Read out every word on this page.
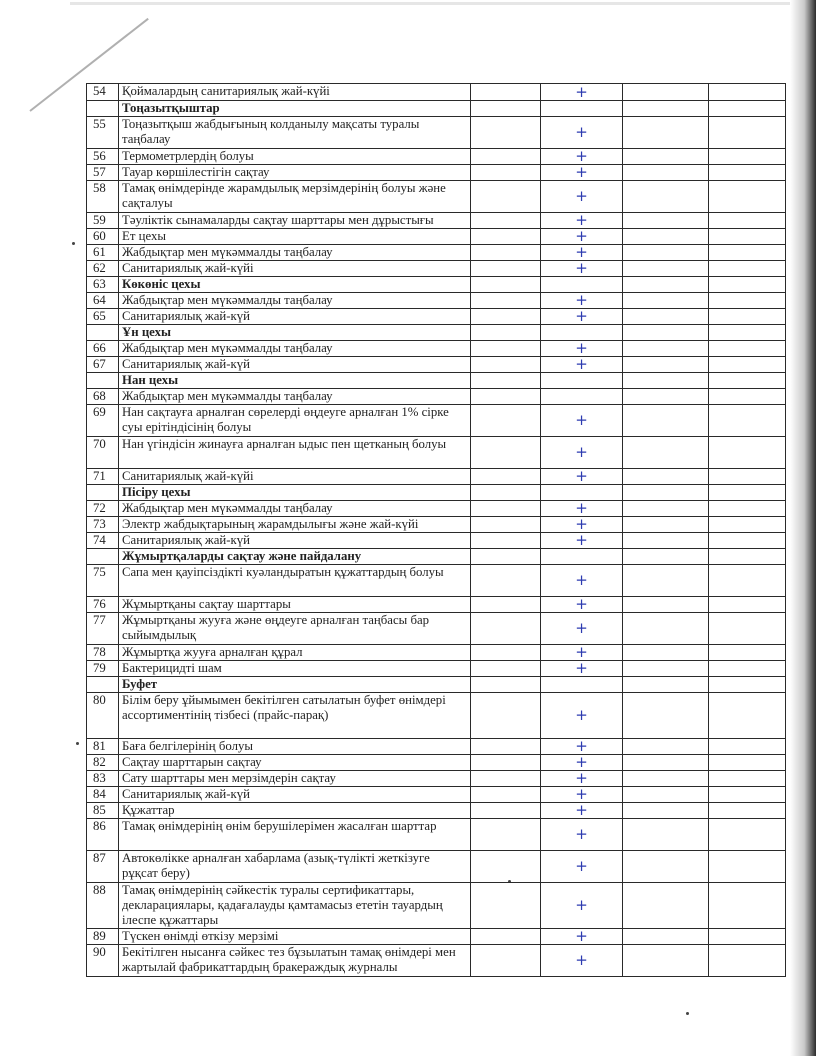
54	Қоймалардың санитариялық жай-күйі		+		
	Тоңазытқыштар				
55	Тоңазытқыш жабдығының колданылу мақсаты туралы таңбалау		+		
56	Термометрлердің болуы		+		
57	Тауар көршілестігін сақтау		+		
58	Тамақ өнімдерінде жарамдылық мерзімдерінің болуы және сақталуы		+		
59	Тәуліктік сынамаларды сақтау шарттары мен дұрыстығы		+		
60	Ет цехы		+		
61	Жабдықтар мен мүкәммалды таңбалау		+		
62	Санитариялық жай-күйі		+		
63	Көкөніс цехы				
64	Жабдықтар мен мүкәммалды таңбалау		+		
65	Санитариялық жай-күй		+		
	Ұн цехы				
66	Жабдықтар мен мүкәммалды таңбалау		+		
67	Санитариялық жай-күй		+		
	Нан цехы				
68	Жабдықтар мен мүкәммалды таңбалау				
69	Нан сақтауға арналған сөрелерді өңдеуге арналған 1% сірке суы ерітіндісінің болуы		+		
70	Нан үгіндісін жинауға арналған ыдыс пен щетканың болуы		+		
71	Санитариялық жай-күйі		+		
	Пісіру цехы				
72	Жабдықтар мен мүкәммалды таңбалау		+		
73	Электр жабдықтарының жарамдылығы және жай-күйі		+		
74	Санитариялық жай-күй		+		
	Жұмыртқаларды сақтау және пайдалану				
75	Сапа мен қауіпсіздікті куәландыратын құжаттардың болуы		+		
76	Жұмыртқаны сақтау шарттары		+		
77	Жұмыртқаны жууға және өңдеуге арналған таңбасы бар сыйымдылық		+		
78	Жұмыртқа жууға арналған құрал		+		
79	Бактерицидті шам		+		
	Буфет				
80	Білім беру ұйымымен бекітілген сатылатын буфет өнімдері ассортиментінің тізбесі (прайс-парақ)		+		
81	Баға белгілерінің болуы		+		
82	Сақтау шарттарын сақтау		+		
83	Сату шарттары мен мерзімдерін сақтау		+		
84	Санитариялық жай-күй		+		
85	Құжаттар		+		
86	Тамақ өнімдерінің өнім берушілерімен жасалған шарттар		+		
87	Автокөлікке арналған хабарлама (азық-түлікті жеткізуге рұқсат беру)		+		
88	Тамақ өнімдерінің сәйкестік туралы сертификаттары, декларациялары, қадағалауды қамтамасыз ететін тауардың ілеспе құжаттары		+		
89	Түскен өнімді өткізу мерзімі		+		
90	Бекітілген нысанға сәйкес тез бұзылатын тамақ өнімдері мен жартылай фабрикаттардың бракераждық журналы		+		
